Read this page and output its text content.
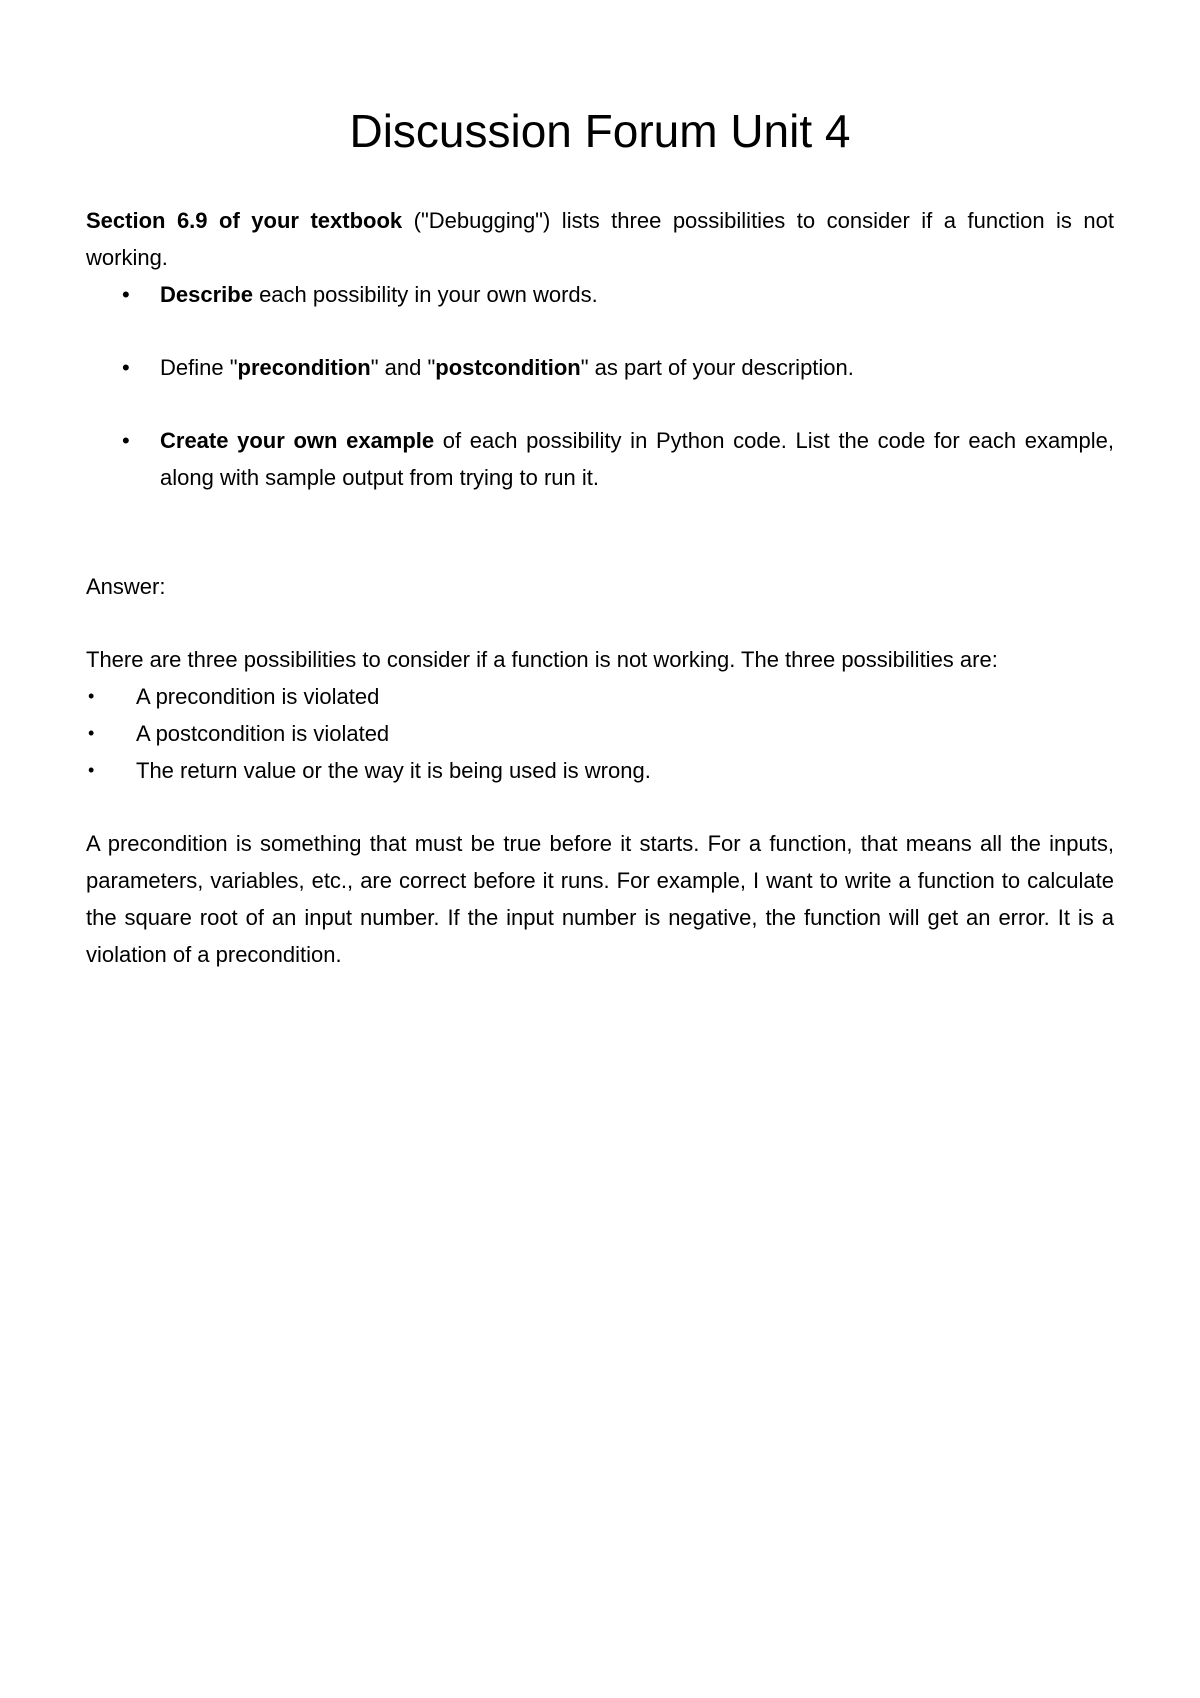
Discussion Forum Unit 4

Section 6.9 of your textbook ("Debugging") lists three possibilities to consider if a function is not working.

• Describe each possibility in your own words.
• Define "precondition" and "postcondition" as part of your description.
• Create your own example of each possibility in Python code. List the code for each example, along with sample output from trying to run it.

Answer:

There are three possibilities to consider if a function is not working. The three possibilities are:

• A precondition is violated
• A postcondition is violated
• The return value or the way it is being used is wrong.

A precondition is something that must be true before it starts. For a function, that means all the inputs, parameters, variables, etc., are correct before it runs. For example, I want to write a function to calculate the square root of an input number. If the input number is negative, the function will get an error. It is a violation of a precondition.
